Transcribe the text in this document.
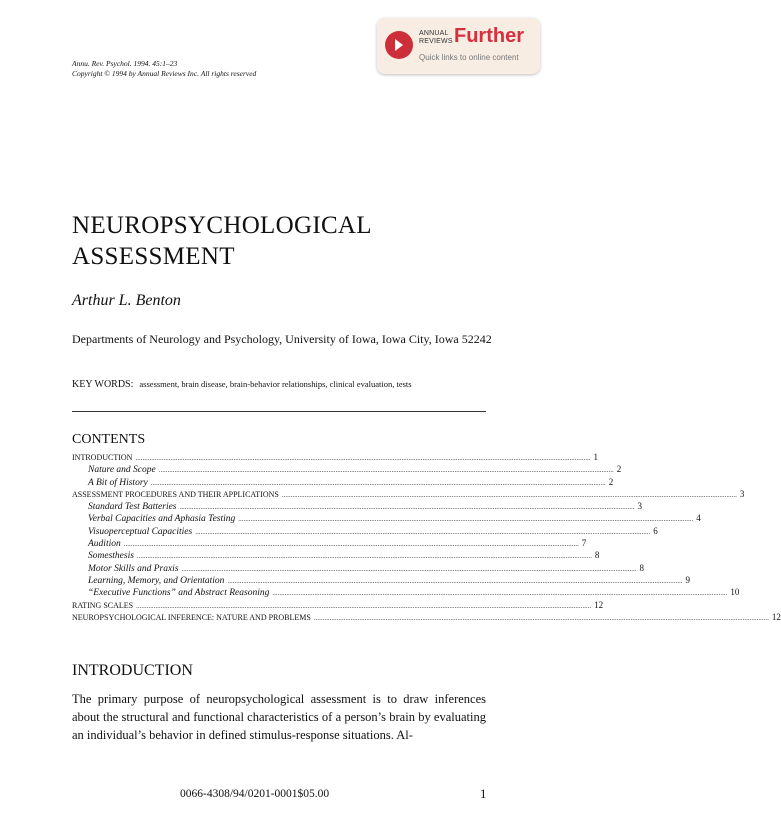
ANNUAL
REVIEWS Further
Quick links to online content
Annu. Rev. Psychol. 1994. 45:1–23
Copyright © 1994 by Annual Reviews Inc. All rights reserved
NEUROPSYCHOLOGICAL ASSESSMENT
Arthur L. Benton
Departments of Neurology and Psychology, University of Iowa, Iowa City, Iowa 52242
KEY WORDS: assessment, brain disease, brain-behavior relationships, clinical evaluation, tests
CONTENTS
INTRODUCTION .................................................................................................................................................................................................................................................................... 1
Nature and Scope .................................................................................................................................................................................................................................................................... 2
A Bit of History .................................................................................................................................................................................................................................................................... 2
ASSESSMENT PROCEDURES AND THEIR APPLICATIONS .................................................................................................................................................................................................................................................................... 3
Standard Test Batteries .................................................................................................................................................................................................................................................................... 3
Verbal Capacities and Aphasia Testing .................................................................................................................................................................................................................................................................... 4
Visuoperceptual Capacities .................................................................................................................................................................................................................................................................... 6
Audition .................................................................................................................................................................................................................................................................... 7
Somesthesis .................................................................................................................................................................................................................................................................... 8
Motor Skills and Praxis .................................................................................................................................................................................................................................................................... 8
Learning, Memory, and Orientation .................................................................................................................................................................................................................................................................... 9
“Executive Functions” and Abstract Reasoning .................................................................................................................................................................................................................................................................... 10
RATING SCALES .................................................................................................................................................................................................................................................................... 12
NEUROPSYCHOLOGICAL INFERENCE: NATURE AND PROBLEMS .................................................................................................................................................................................................................................................................... 12
INTRODUCTION
The primary purpose of neuropsychological assessment is to draw inferences about the structural and functional characteristics of a person’s brain by evaluating an individual’s behavior in defined stimulus-response situations. Al-
0066-4308/94/0201-0001$05.00	1
